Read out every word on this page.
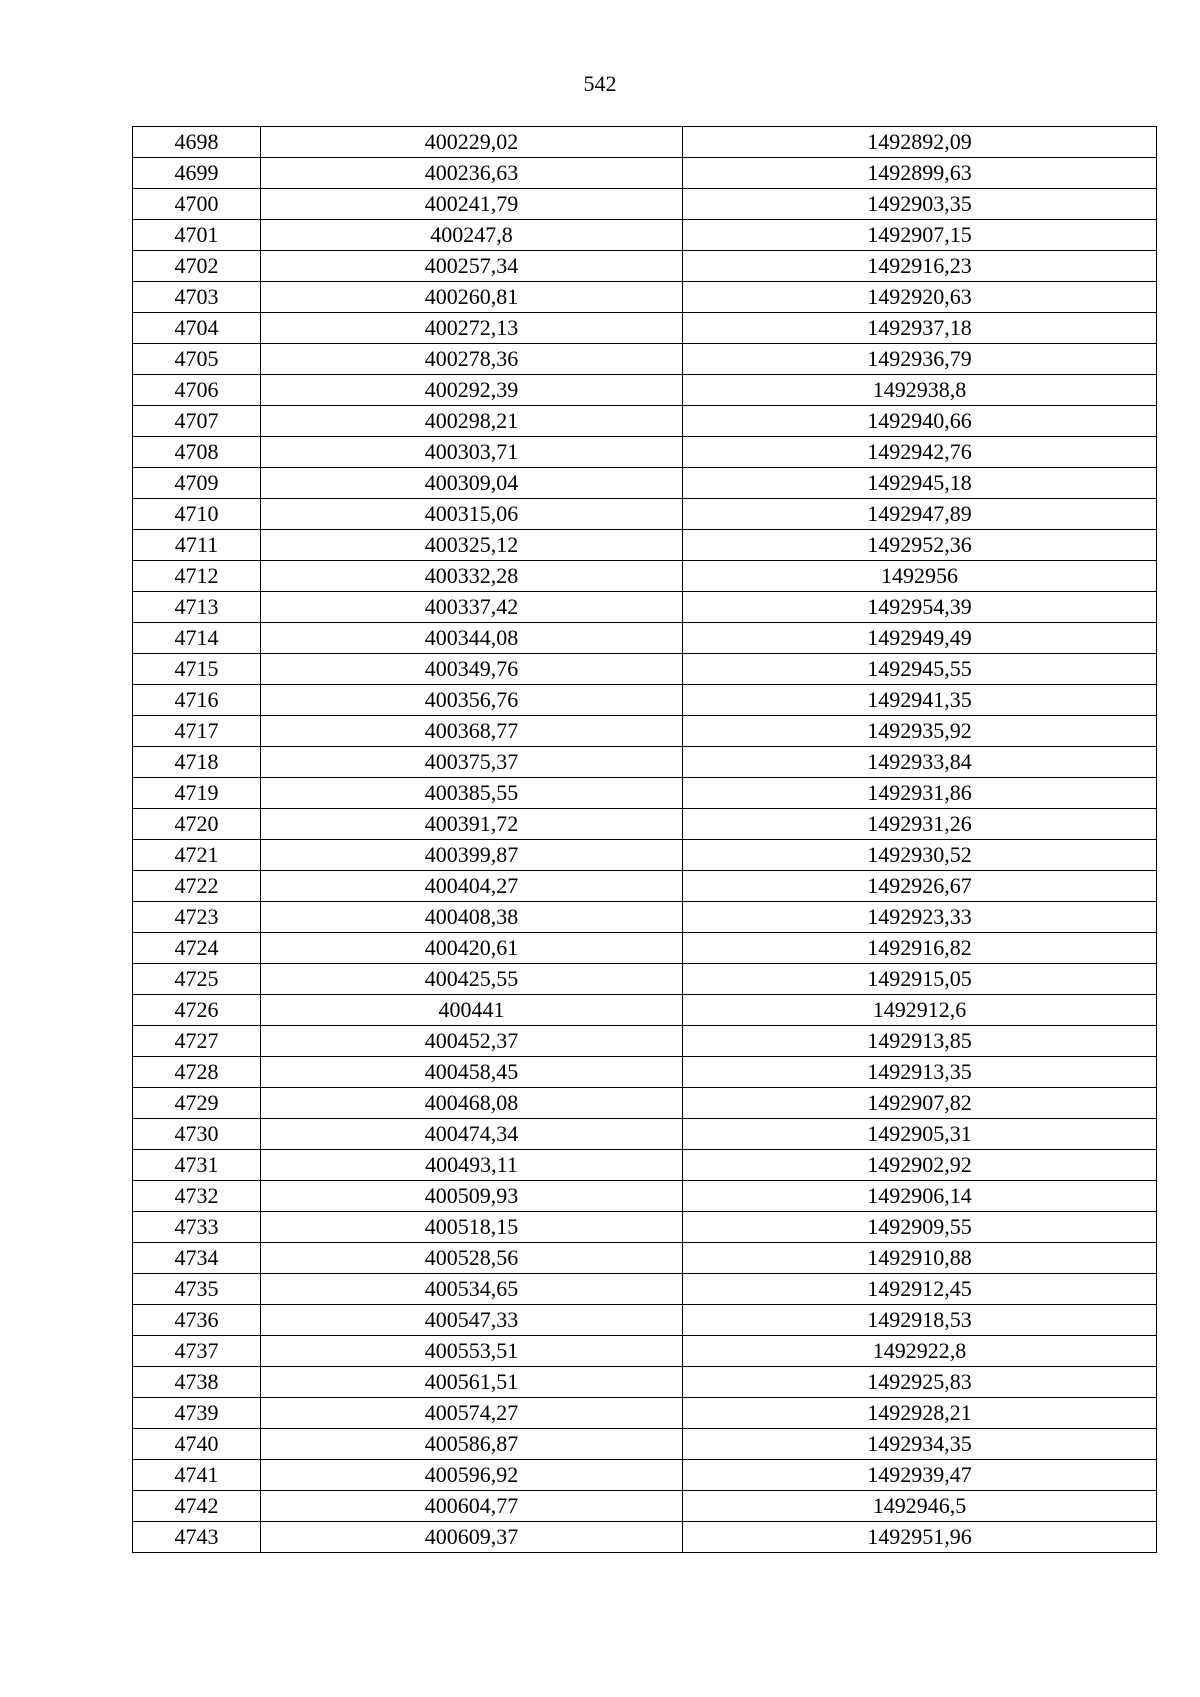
542
4698	400229,02	1492892,09
4699	400236,63	1492899,63
4700	400241,79	1492903,35
4701	400247,8	1492907,15
4702	400257,34	1492916,23
4703	400260,81	1492920,63
4704	400272,13	1492937,18
4705	400278,36	1492936,79
4706	400292,39	1492938,8
4707	400298,21	1492940,66
4708	400303,71	1492942,76
4709	400309,04	1492945,18
4710	400315,06	1492947,89
4711	400325,12	1492952,36
4712	400332,28	1492956
4713	400337,42	1492954,39
4714	400344,08	1492949,49
4715	400349,76	1492945,55
4716	400356,76	1492941,35
4717	400368,77	1492935,92
4718	400375,37	1492933,84
4719	400385,55	1492931,86
4720	400391,72	1492931,26
4721	400399,87	1492930,52
4722	400404,27	1492926,67
4723	400408,38	1492923,33
4724	400420,61	1492916,82
4725	400425,55	1492915,05
4726	400441	1492912,6
4727	400452,37	1492913,85
4728	400458,45	1492913,35
4729	400468,08	1492907,82
4730	400474,34	1492905,31
4731	400493,11	1492902,92
4732	400509,93	1492906,14
4733	400518,15	1492909,55
4734	400528,56	1492910,88
4735	400534,65	1492912,45
4736	400547,33	1492918,53
4737	400553,51	1492922,8
4738	400561,51	1492925,83
4739	400574,27	1492928,21
4740	400586,87	1492934,35
4741	400596,92	1492939,47
4742	400604,77	1492946,5
4743	400609,37	1492951,96
